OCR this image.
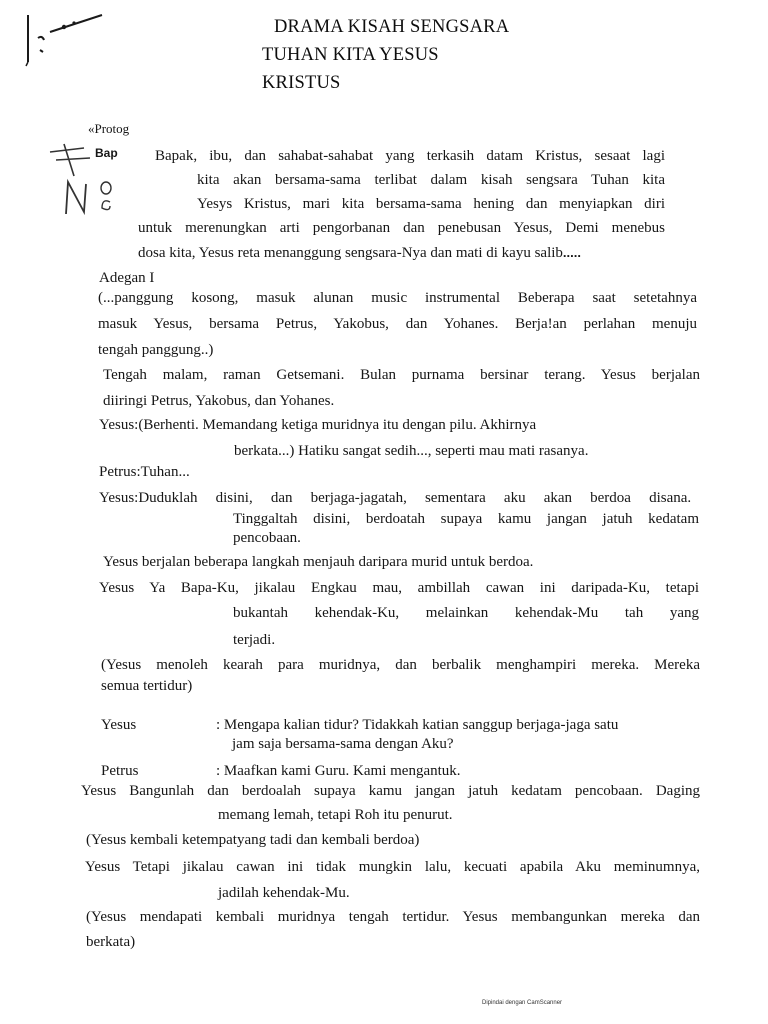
DRAMA KISAH SENGSARA
TUHAN KITA YESUS
KRISTUS
«Protog
Bap Bapak, ibu, dan sahabat-sahabat yang terkasih datam Kristus, sesaat lagi
kita akan bersama-sama terlibat dalam kisah sengsara Tuhan kita
Yesys Kristus, mari kita bersama-sama hening dan menyiapkan diri
untuk merenungkan arti pengorbanan dan penebusan Yesus, Demi menebus
dosa kita, Yesus reta menanggung sengsara-Nya dan mati di kayu salib.....
Adegan I
(...panggung kosong, masuk alunan music instrumental Beberapa saat setetahnya
masuk Yesus, bersama Petrus, Yakobus, dan Yohanes. Berja!an perlahan menuju
tengah panggung..)
Tengah malam, raman Getsemani. Bulan purnama bersinar terang. Yesus berjalan
diiringi Petrus, Yakobus, dan Yohanes.
Yesus:(Berhenti. Memandang ketiga muridnya itu dengan pilu. Akhirnya
berkata...) Hatiku sangat sedih..., seperti mau mati rasanya.
Petrus:Tuhan...
Yesus:Duduklah disini, dan berjaga-jagatah, sementara aku akan berdoa disana.
Tinggaltah disini, berdoatah supaya kamu jangan jatuh kedatam
pencobaan.
Yesus berjalan beberapa langkah menjauh daripara murid untuk berdoa.
Yesus Ya Bapa-Ku, jikalau Engkau mau, ambillah cawan ini daripada-Ku, tetapi
bukantah kehendak-Ku, melainkan kehendak-Mu tah yang
terjadi.
(Yesus menoleh kearah para muridnya, dan berbalik menghampiri mereka. Mereka
semua tertidur)
Yesus	: Mengapa kalian tidur? Tidakkah katian sanggup berjaga-jaga satu
jam saja bersama-sama dengan Aku?
Petrus	: Maafkan kami Guru. Kami mengantuk.
Yesus Bangunlah dan berdoalah supaya kamu jangan jatuh kedatam pencobaan. Daging
memang lemah, tetapi Roh itu penurut.
(Yesus kembali ketempatyang tadi dan kembali berdoa)
Yesus Tetapi jikalau cawan ini tidak mungkin lalu, kecuati apabila Aku meminumnya,
jadilah kehendak-Mu.
(Yesus mendapati kembali muridnya tengah tertidur. Yesus membangunkan mereka dan
berkata)
Dipindai dengan CamScanner
